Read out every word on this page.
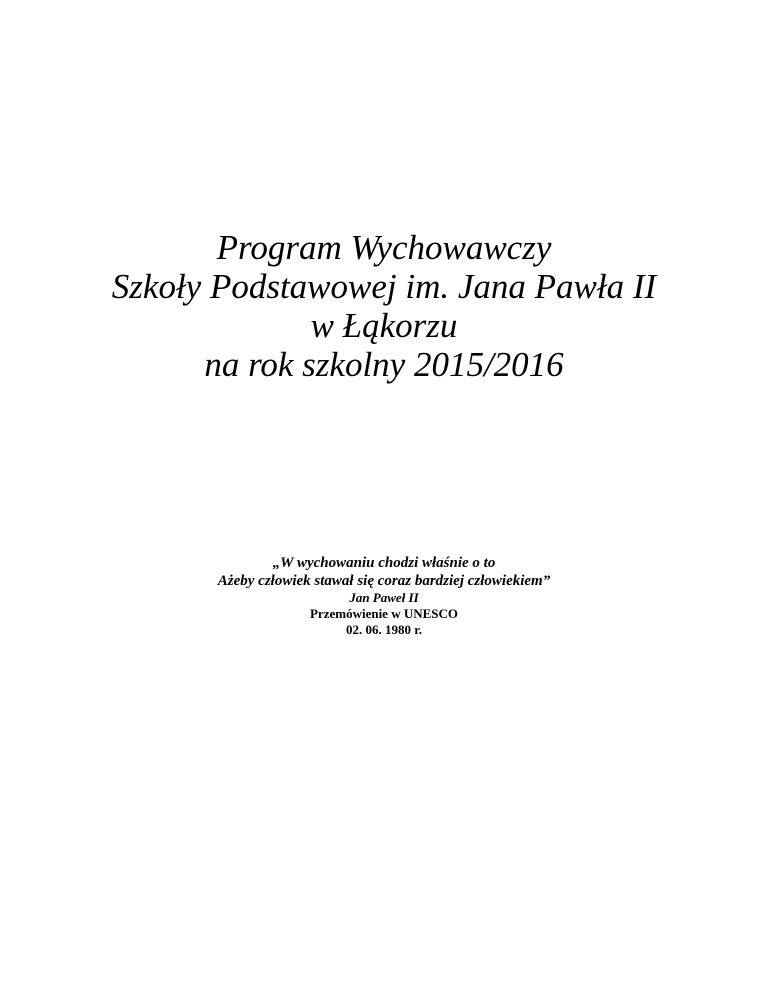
Program Wychowawczy
Szkoły Podstawowej im. Jana Pawła II
w Łąkorzu
na rok szkolny 2015/2016
„W wychowaniu chodzi właśnie o to
Ażeby człowiek stawał się coraz bardziej człowiekiem”
Jan Paweł II
Przemówienie w UNESCO
02. 06. 1980 r.
